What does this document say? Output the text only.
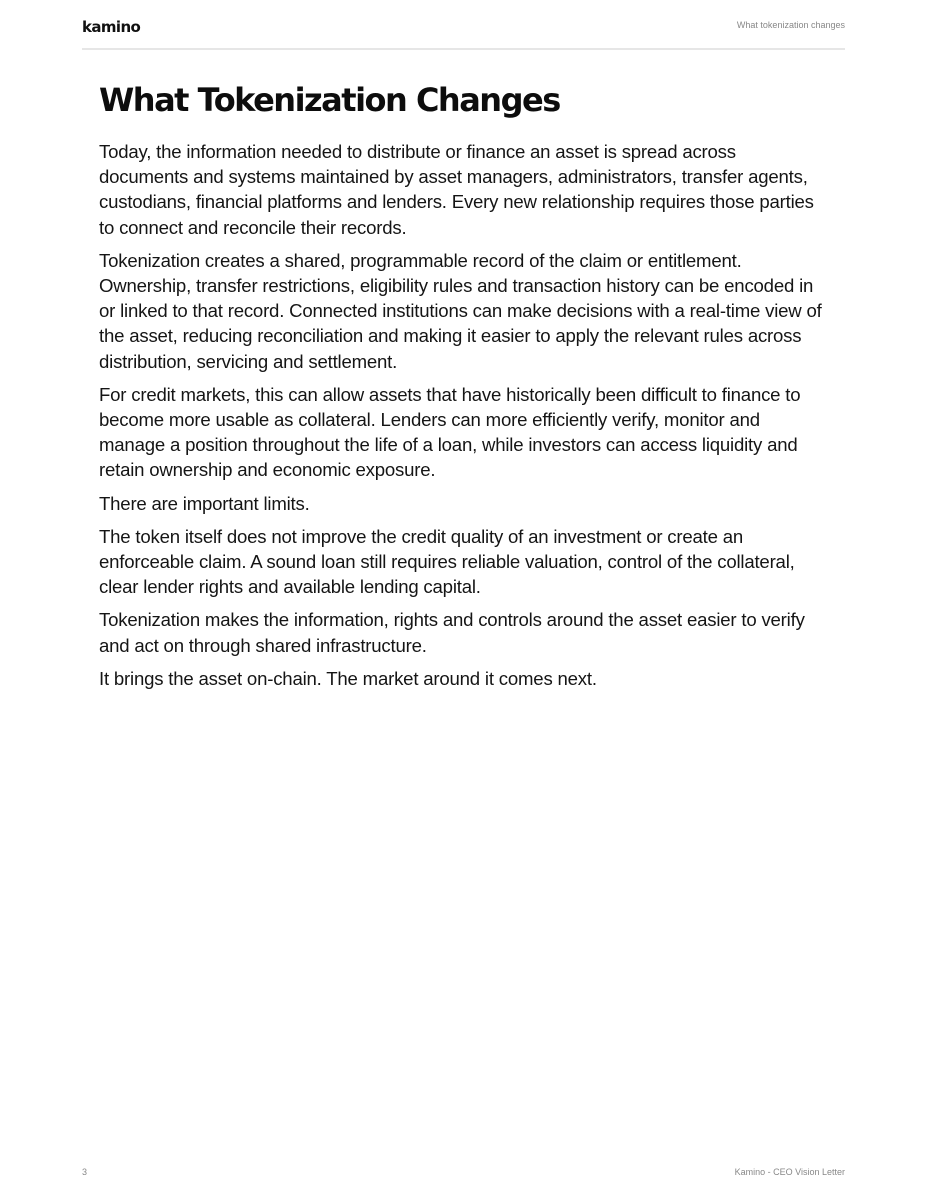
kamino	What tokenization changes
What Tokenization Changes

Today, the information needed to distribute or finance an asset is spread across documents and systems maintained by asset managers, administrators, transfer agents, custodians, financial platforms and lenders. Every new relationship requires those parties to connect and reconcile their records.

Tokenization creates a shared, programmable record of the claim or entitlement. Ownership, transfer restrictions, eligibility rules and transaction history can be encoded in or linked to that record. Connected institutions can make decisions with a real-time view of the asset, reducing reconciliation and making it easier to apply the relevant rules across distribution, servicing and settlement.

For credit markets, this can allow assets that have historically been difficult to finance to become more usable as collateral. Lenders can more efficiently verify, monitor and manage a position throughout the life of a loan, while investors can access liquidity and retain ownership and economic exposure.

There are important limits.

The token itself does not improve the credit quality of an investment or create an enforceable claim. A sound loan still requires reliable valuation, control of the collateral, clear lender rights and available lending capital.

Tokenization makes the information, rights and controls around the asset easier to verify and act on through shared infrastructure.

It brings the asset on-chain. The market around it comes next.

3	Kamino - CEO Vision Letter
